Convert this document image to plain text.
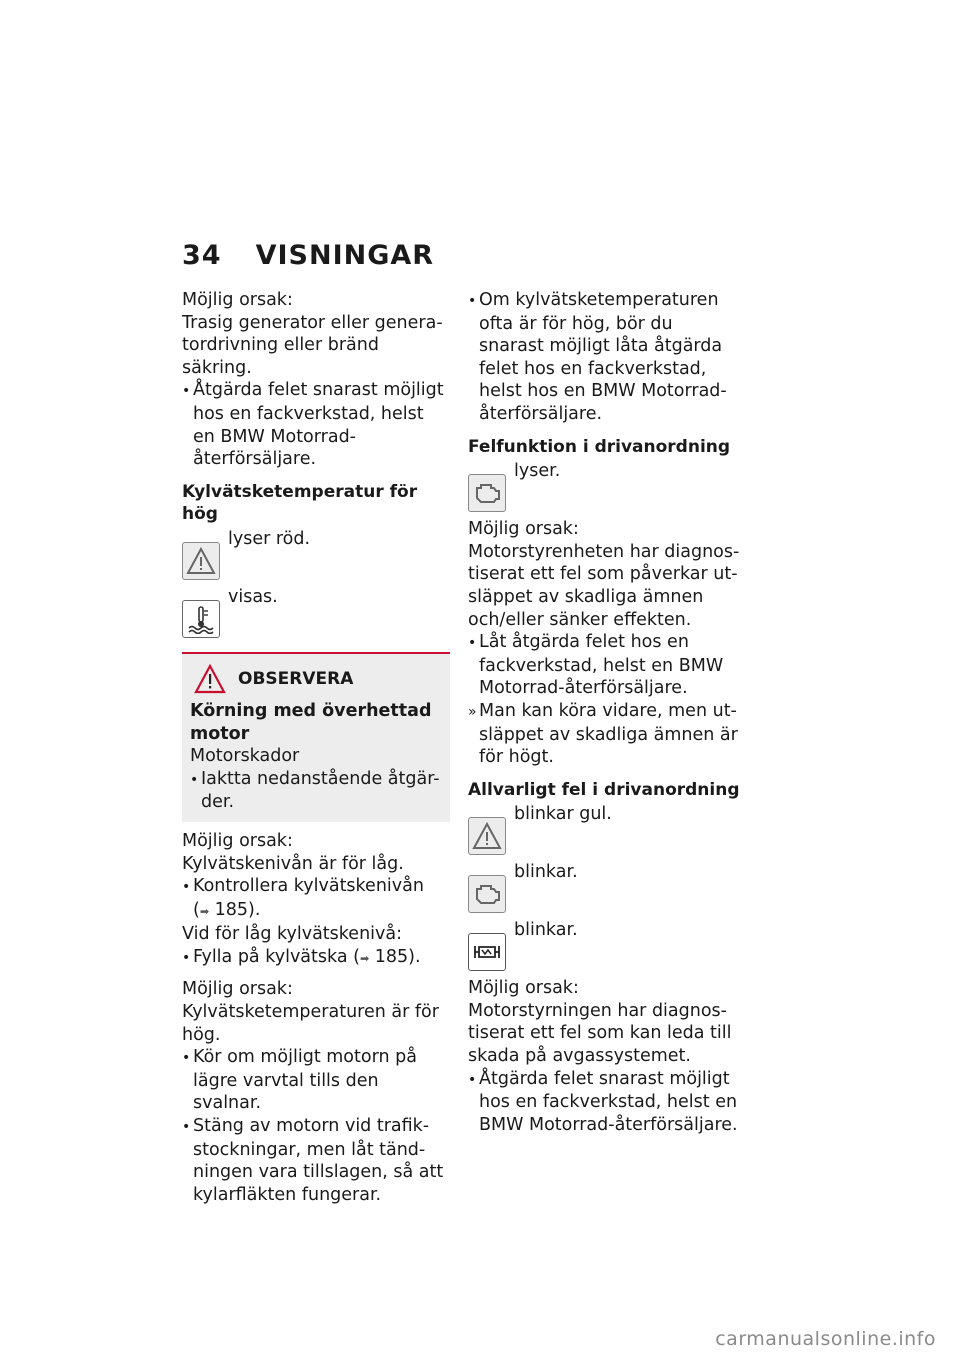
34 VISNINGAR

Möjlig orsak:

Trasig generator eller genera-tordrivning eller bränd säkring.

• Åtgärda felet snarast möjligt hos en fackverkstad, helst en BMW Motorrad-återförsäljare.

Kylvätsketemperatur för hög

lyser röd.
visas.
OBSERVERA

Körning med överhettad motor

Motorskador

• Iaktta nedanstående åtgär-der.

Möjlig orsak:

Kylvätskenivån är för låg.

• Kontrollera kylvätskenivån
(➡ 185).

Vid för låg kylvätskenivå:

• Fylla på kylvätska (➡ 185).

Möjlig orsak:

Kylvätsketemperaturen är för hög.

• Kör om möjligt motorn på lägre varvtal tills den svalnar.

• Stäng av motorn vid trafik-stockningar, men låt tänd-ningen vara tillslagen, så att kylarfläkten fungerar.

• Om kylvätsketemperaturen ofta är för hög, bör du snarast möjligt låta åtgärda felet hos en fackverkstad, helst hos en BMW Motorrad-återförsäljare.

Felfunktion i drivanordning

lyser.

Möjlig orsak:

Motorstyrenheten har diagnos-tiserat ett fel som påverkar ut-släppet av skadliga ämnen och/eller sänker effekten.

• Låt åtgärda felet hos en fackverkstad, helst en BMW Motorrad-återförsäljare.

» Man kan köra vidare, men ut-släppet av skadliga ämnen är för högt.

Allvarligt fel i drivanordning

blinkar gul.
blinkar.
blinkar.

Möjlig orsak:

Motorstyrningen har diagnos-tiserat ett fel som kan leda till skada på avgassystemet.

• Åtgärda felet snarast möjligt hos en fackverkstad, helst en BMW Motorrad-återförsäljare.

carmanualsonline.info
